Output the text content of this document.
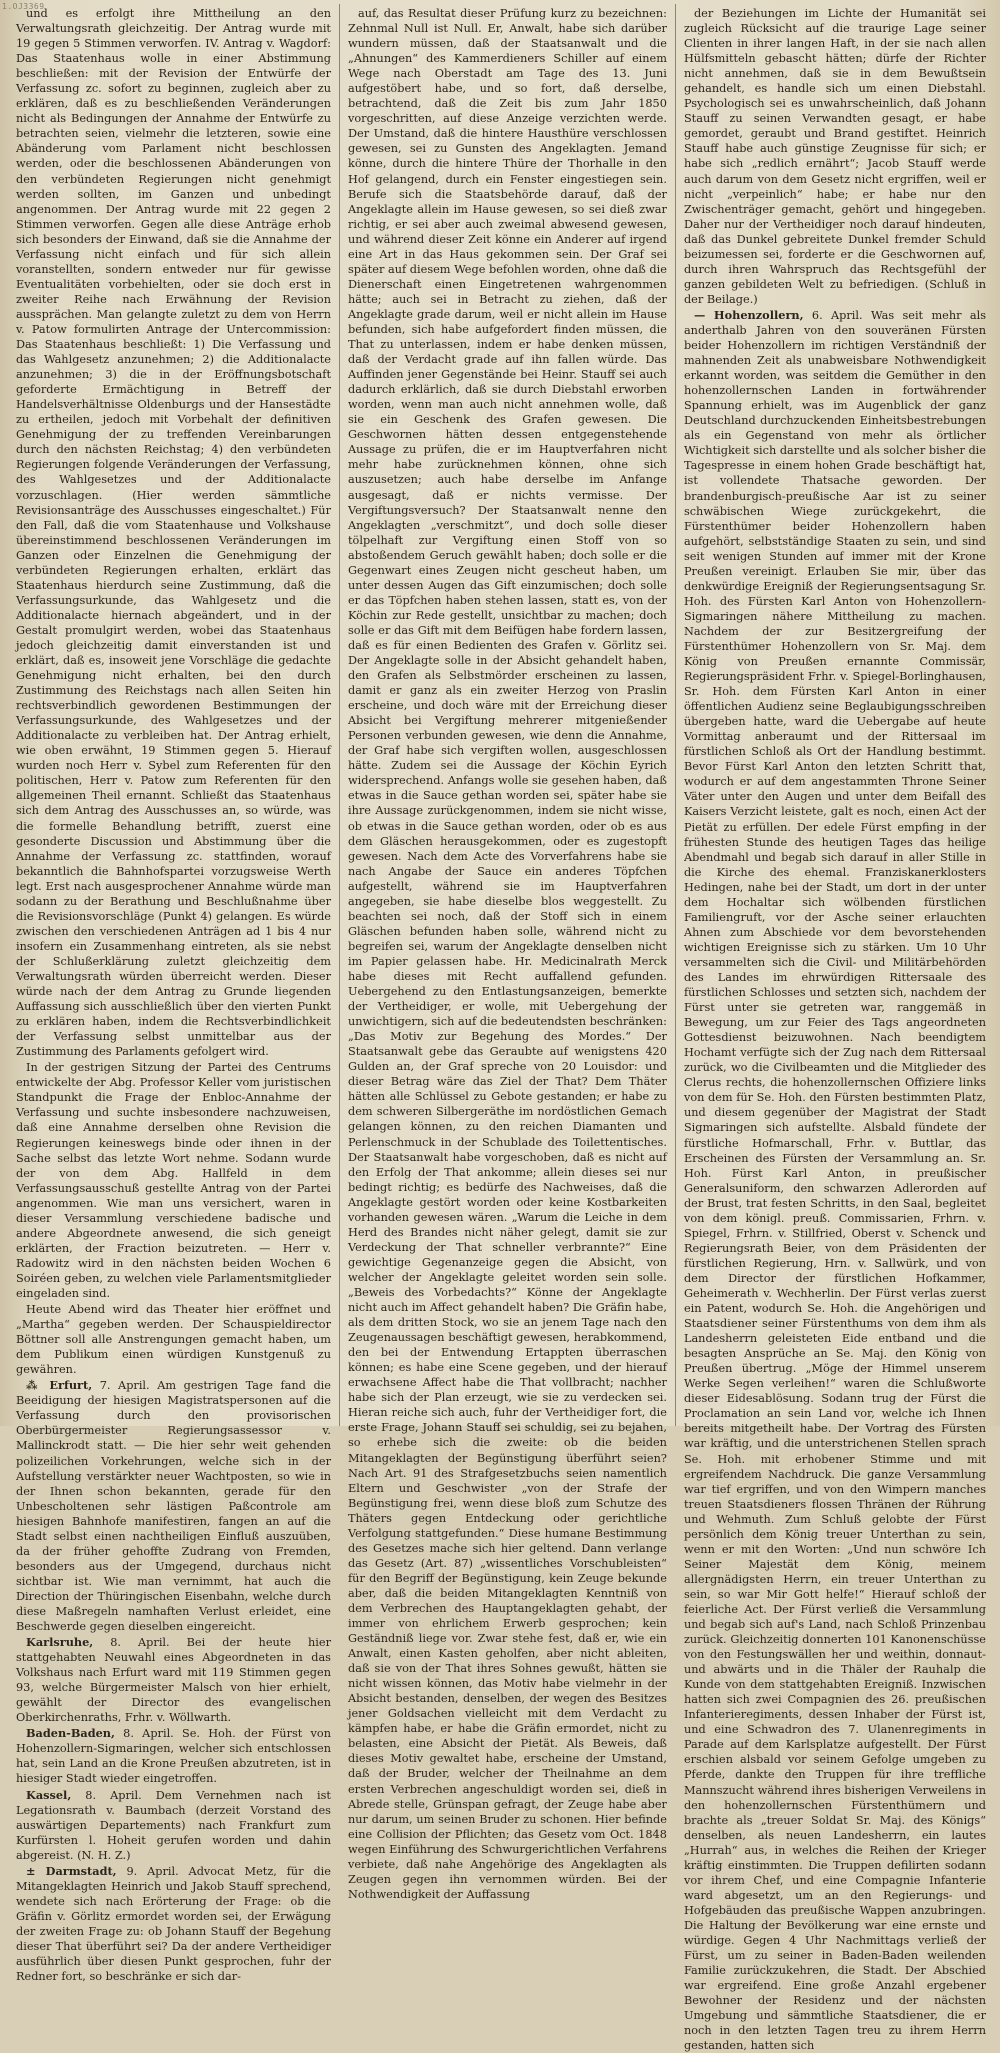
1.OJ3369

und es erfolgt ihre Mittheilung an den Verwaltungsrath gleichzeitig. Der Antrag wurde mit 19 gegen 5 Stimmen verworfen. IV. Antrag v. Wagdorf: Das Staatenhaus wolle in einer Abstimmung beschließen: mit der Revision der Entwürfe der Verfassung zc. sofort zu beginnen, zugleich aber zu erklären, daß es zu beschließenden Veränderungen nicht als Bedingungen der Annahme der Entwürfe zu betrachten seien, vielmehr die letzteren, sowie eine Abänderung vom Parlament nicht beschlossen werden, oder die beschlossenen Abänderungen von den verbündeten Regierungen nicht genehmigt werden sollten, im Ganzen und unbedingt angenommen. Der Antrag wurde mit 22 gegen 2 Stimmen verworfen. Gegen alle diese Anträge erhob sich besonders der Einwand, daß sie die Annahme der Verfassung nicht einfach und für sich allein voranstellten, sondern entweder nur für gewisse Eventualitäten vorbehielten, oder sie doch erst in zweiter Reihe nach Erwähnung der Revision aussprächen. Man gelangte zuletzt zu dem von Herrn v. Patow formulirten Antrage der Untercommission: Das Staatenhaus beschließt: 1) Die Verfassung und das Wahlgesetz anzunehmen; 2) die Additionalacte anzunehmen; 3) die in der Eröffnungsbotschaft geforderte Ermächtigung in Betreff der Handelsverhältnisse Oldenburgs und der Hansestädte zu ertheilen, jedoch mit Vorbehalt der definitiven Genehmigung der zu treffenden Vereinbarungen durch den nächsten Reichstag; 4) den verbündeten Regierungen folgende Veränderungen der Verfassung, des Wahlgesetzes und der Additionalacte vorzuschlagen. (Hier werden sämmtliche Revisionsanträge des Ausschusses eingeschaltet.) Für den Fall, daß die vom Staatenhause und Volkshause übereinstimmend beschlossenen Veränderungen im Ganzen oder Einzelnen die Genehmigung der verbündeten Regierungen erhalten, erklärt das Staatenhaus hierdurch seine Zustimmung, daß die Verfassungsurkunde, das Wahlgesetz und die Additionalacte hiernach abgeändert, und in der Gestalt promulgirt werden, wobei das Staatenhaus jedoch gleichzeitig damit einverstanden ist und erklärt, daß es, insoweit jene Vorschläge die gedachte Genehmigung nicht erhalten, bei den durch Zustimmung des Reichstags nach allen Seiten hin rechtsverbindlich gewordenen Bestimmungen der Verfassungsurkunde, des Wahlgesetzes und der Additionalacte zu verbleiben hat. Der Antrag erhielt, wie oben erwähnt, 19 Stimmen gegen 5. Hierauf wurden noch Herr v. Sybel zum Referenten für den politischen, Herr v. Patow zum Referenten für den allgemeinen Theil ernannt. Schließt das Staatenhaus sich dem Antrag des Ausschusses an, so würde, was die formelle Behandlung betrifft, zuerst eine gesonderte Discussion und Abstimmung über die Annahme der Verfassung zc. stattfinden, worauf bekanntlich die Bahnhofspartei vorzugsweise Werth legt. Erst nach ausgesprochener Annahme würde man sodann zu der Berathung und Beschlußnahme über die Revisionsvorschläge (Punkt 4) gelangen. Es würde zwischen den verschiedenen Anträgen ad 1 bis 4 nur insofern ein Zusammenhang eintreten, als sie nebst der Schlußerklärung zuletzt gleichzeitig dem Verwaltungsrath würden überreicht werden. Dieser würde nach der dem Antrag zu Grunde liegenden Auffassung sich ausschließlich über den vierten Punkt zu erklären haben, indem die Rechtsverbindlichkeit der Verfassung selbst unmittelbar aus der Zustimmung des Parlaments gefolgert wird.

In der gestrigen Sitzung der Partei des Centrums entwickelte der Abg. Professor Keller vom juristischen Standpunkt die Frage der Enbloc-Annahme der Verfassung und suchte insbesondere nachzuweisen, daß eine Annahme derselben ohne Revision die Regierungen keineswegs binde oder ihnen in der Sache selbst das letzte Wort nehme. Sodann wurde der von dem Abg. Hallfeld in dem Verfassungsausschuß gestellte Antrag von der Partei angenommen. Wie man uns versichert, waren in dieser Versammlung verschiedene badische und andere Abgeordnete anwesend, die sich geneigt erklärten, der Fraction beizutreten. — Herr v. Radowitz wird in den nächsten beiden Wochen 6 Soiréen geben, zu welchen viele Parlamentsmitglieder eingeladen sind.

Heute Abend wird das Theater hier eröffnet und „Martha“ gegeben werden. Der Schauspieldirector Böttner soll alle Anstrengungen gemacht haben, um dem Publikum einen würdigen Kunstgenuß zu gewähren.

⁂ Erfurt, 7. April. Am gestrigen Tage fand die Beeidigung der hiesigen Magistratspersonen auf die Verfassung durch den provisorischen Oberbürgermeister Regierungsassessor v. Mallinckrodt statt. — Die hier sehr weit gehenden polizeilichen Vorkehrungen, welche sich in der Aufstellung verstärkter neuer Wachtposten, so wie in der Ihnen schon bekannten, gerade für den Unbescholtenen sehr lästigen Paßcontrole am hiesigen Bahnhofe manifestiren, fangen an auf die Stadt selbst einen nachtheiligen Einfluß auszuüben, da der früher gehoffte Zudrang von Fremden, besonders aus der Umgegend, durchaus nicht sichtbar ist. Wie man vernimmt, hat auch die Direction der Thüringischen Eisenbahn, welche durch diese Maßregeln namhaften Verlust erleidet, eine Beschwerde gegen dieselben eingereicht.

Karlsruhe, 8. April. Bei der heute hier stattgehabten Neuwahl eines Abgeordneten in das Volkshaus nach Erfurt ward mit 119 Stimmen gegen 93, welche Bürgermeister Malsch von hier erhielt, gewählt der Director des evangelischen Oberkirchenraths, Frhr. v. Wöllwarth.

Baden-Baden, 8. April. Se. Hoh. der Fürst von Hohenzollern-Sigmaringen, welcher sich entschlossen hat, sein Land an die Krone Preußen abzutreten, ist in hiesiger Stadt wieder eingetroffen.

Kassel, 8. April. Dem Vernehmen nach ist Legationsrath v. Baumbach (derzeit Vorstand des auswärtigen Departements) nach Frankfurt zum Kurfürsten l. Hoheit gerufen worden und dahin abgereist. (N. H. Z.)

± Darmstadt, 9. April. Advocat Metz, für die Mitangeklagten Heinrich und Jakob Stauff sprechend, wendete sich nach Erörterung der Frage: ob die Gräfin v. Görlitz ermordet worden sei, der Erwägung der zweiten Frage zu: ob Johann Stauff der Begehung dieser That überführt sei? Da der andere Vertheidiger ausführlich über diesen Punkt gesprochen, fuhr der Redner fort, so beschränke er sich dar-

auf, das Resultat dieser Prüfung kurz zu bezeichnen: Zehnmal Null ist Null. Er, Anwalt, habe sich darüber wundern müssen, daß der Staatsanwalt und die „Ahnungen“ des Kammerdieners Schiller auf einem Wege nach Oberstadt am Tage des 13. Juni aufgestöbert habe, und so fort, daß derselbe, betrachtend, daß die Zeit bis zum Jahr 1850 vorgeschritten, auf diese Anzeige verzichten werde. Der Umstand, daß die hintere Hausthüre verschlossen gewesen, sei zu Gunsten des Angeklagten. Jemand könne, durch die hintere Thüre der Thorhalle in den Hof gelangend, durch ein Fenster eingestiegen sein. Berufe sich die Staatsbehörde darauf, daß der Angeklagte allein im Hause gewesen, so sei dieß zwar richtig, er sei aber auch zweimal abwesend gewesen, und während dieser Zeit könne ein Anderer auf irgend eine Art in das Haus gekommen sein. Der Graf sei später auf diesem Wege befohlen worden, ohne daß die Dienerschaft einen Eingetretenen wahrgenommen hätte; auch sei in Betracht zu ziehen, daß der Angeklagte grade darum, weil er nicht allein im Hause befunden, sich habe aufgefordert finden müssen, die That zu unterlassen, indem er habe denken müssen, daß der Verdacht grade auf ihn fallen würde. Das Auffinden jener Gegenstände bei Heinr. Stauff sei auch dadurch erklärlich, daß sie durch Diebstahl erworben worden, wenn man auch nicht annehmen wolle, daß sie ein Geschenk des Grafen gewesen. Die Geschwornen hätten dessen entgegenstehende Aussage zu prüfen, die er im Hauptverfahren nicht mehr habe zurücknehmen können, ohne sich auszusetzen; auch habe derselbe im Anfange ausgesagt, daß er nichts vermisse. Der Vergiftungsversuch? Der Staatsanwalt nenne den Angeklagten „verschmitzt“, und doch solle dieser tölpelhaft zur Vergiftung einen Stoff von so abstoßendem Geruch gewählt haben; doch solle er die Gegenwart eines Zeugen nicht gescheut haben, um unter dessen Augen das Gift einzumischen; doch solle er das Töpfchen haben stehen lassen, statt es, von der Köchin zur Rede gestellt, unsichtbar zu machen; doch solle er das Gift mit dem Beifügen habe fordern lassen, daß es für einen Bedienten des Grafen v. Görlitz sei. Der Angeklagte solle in der Absicht gehandelt haben, den Grafen als Selbstmörder erscheinen zu lassen, damit er ganz als ein zweiter Herzog von Praslin erscheine, und doch wäre mit der Erreichung dieser Absicht bei Vergiftung mehrerer mitgenießender Personen verbunden gewesen, wie denn die Annahme, der Graf habe sich vergiften wollen, ausgeschlossen hätte. Zudem sei die Aussage der Köchin Eyrich widersprechend. Anfangs wolle sie gesehen haben, daß etwas in die Sauce gethan worden sei, später habe sie ihre Aussage zurückgenommen, indem sie nicht wisse, ob etwas in die Sauce gethan worden, oder ob es aus dem Gläschen herausgekommen, oder es zugestopft gewesen. Nach dem Acte des Vorverfahrens habe sie nach Angabe der Sauce ein anderes Töpfchen aufgestellt, während sie im Hauptverfahren angegeben, sie habe dieselbe blos weggestellt. Zu beachten sei noch, daß der Stoff sich in einem Gläschen befunden haben solle, während nicht zu begreifen sei, warum der Angeklagte denselben nicht im Papier gelassen habe. Hr. Medicinalrath Merck habe dieses mit Recht auffallend gefunden. Uebergehend zu den Entlastungsanzeigen, bemerkte der Vertheidiger, er wolle, mit Uebergehung der unwichtigern, sich auf die bedeutendsten beschränken: „Das Motiv zur Begehung des Mordes.“ Der Staatsanwalt gebe das Geraubte auf wenigstens 420 Gulden an, der Graf spreche von 20 Louisdor: und dieser Betrag wäre das Ziel der That? Dem Thäter hätten alle Schlüssel zu Gebote gestanden; er habe zu dem schweren Silbergeräthe im nordöstlichen Gemach gelangen können, zu den reichen Diamanten und Perlenschmuck in der Schublade des Toilettentisches. Der Staatsanwalt habe vorgeschoben, daß es nicht auf den Erfolg der That ankomme; allein dieses sei nur bedingt richtig; es bedürfe des Nachweises, daß die Angeklagte gestört worden oder keine Kostbarkeiten vorhanden gewesen wären. „Warum die Leiche in dem Herd des Brandes nicht näher gelegt, damit sie zur Verdeckung der That schneller verbrannte?“ Eine gewichtige Gegenanzeige gegen die Absicht, von welcher der Angeklagte geleitet worden sein solle. „Beweis des Vorbedachts?“ Könne der Angeklagte nicht auch im Affect gehandelt haben? Die Gräfin habe, als dem dritten Stock, wo sie an jenem Tage nach den Zeugenaussagen beschäftigt gewesen, herabkommend, den bei der Entwendung Ertappten überraschen können; es habe eine Scene gegeben, und der hierauf erwachsene Affect habe die That vollbracht; nachher habe sich der Plan erzeugt, wie sie zu verdecken sei. Hieran reiche sich auch, fuhr der Vertheidiger fort, die erste Frage, Johann Stauff sei schuldig, sei zu bejahen, so erhebe sich die zweite: ob die beiden Mitangeklagten der Begünstigung überführt seien? Nach Art. 91 des Strafgesetzbuchs seien namentlich Eltern und Geschwister „von der Strafe der Begünstigung frei, wenn diese bloß zum Schutze des Thäters gegen Entdeckung oder gerichtliche Verfolgung stattgefunden.“ Diese humane Bestimmung des Gesetzes mache sich hier geltend. Dann verlange das Gesetz (Art. 87) „wissentliches Vorschubleisten“ für den Begriff der Begünstigung, kein Zeuge bekunde aber, daß die beiden Mitangeklagten Kenntniß von dem Verbrechen des Hauptangeklagten gehabt, der immer von ehrlichem Erwerb gesprochen; kein Geständniß liege vor. Zwar stehe fest, daß er, wie ein Anwalt, einen Kasten geholfen, aber nicht ableiten, daß sie von der That ihres Sohnes gewußt, hätten sie nicht wissen können, das Motiv habe vielmehr in der Absicht bestanden, denselben, der wegen des Besitzes jener Goldsachen vielleicht mit dem Verdacht zu kämpfen habe, er habe die Gräfin ermordet, nicht zu belasten, eine Absicht der Pietät. Als Beweis, daß dieses Motiv gewaltet habe, erscheine der Umstand, daß der Bruder, welcher der Theilnahme an dem ersten Verbrechen angeschuldigt worden sei, dieß in Abrede stelle, Grünspan gefragt, der Zeuge habe aber nur darum, um seinen Bruder zu schonen. Hier befinde eine Collision der Pflichten; das Gesetz vom Oct. 1848 wegen Einführung des Schwurgerichtlichen Verfahrens verbiete, daß nahe Angehörige des Angeklagten als Zeugen gegen ihn vernommen würden. Bei der Nothwendigkeit der Auffassung

der Beziehungen im Lichte der Humanität sei zugleich Rücksicht auf die traurige Lage seiner Clienten in ihrer langen Haft, in der sie nach allen Hülfsmitteln gebascht hätten; dürfe der Richter nicht annehmen, daß sie in dem Bewußtsein gehandelt, es handle sich um einen Diebstahl. Psychologisch sei es unwahrscheinlich, daß Johann Stauff zu seinen Verwandten gesagt, er habe gemordet, geraubt und Brand gestiftet. Heinrich Stauff habe auch günstige Zeugnisse für sich; er habe sich „redlich ernährt“; Jacob Stauff werde auch darum von dem Gesetz nicht ergriffen, weil er nicht „verpeinlich“ habe; er habe nur den Zwischenträger gemacht, gehört und hingegeben. Daher nur der Vertheidiger noch darauf hindeuten, daß das Dunkel gebreitete Dunkel fremder Schuld beizumessen sei, forderte er die Geschwornen auf, durch ihren Wahrspruch das Rechtsgefühl der ganzen gebildeten Welt zu befriedigen. (Schluß in der Beilage.)

— Hohenzollern, 6. April. Was seit mehr als anderthalb Jahren von den souveränen Fürsten beider Hohenzollern im richtigen Verständniß der mahnenden Zeit als unabweisbare Nothwendigkeit erkannt worden, was seitdem die Gemüther in den hohenzollernschen Landen in fortwährender Spannung erhielt, was im Augenblick der ganz Deutschland durchzuckenden Einheitsbestrebungen als ein Gegenstand von mehr als örtlicher Wichtigkeit sich darstellte und als solcher bisher die Tagespresse in einem hohen Grade beschäftigt hat, ist vollendete Thatsache geworden. Der brandenburgisch-preußische Aar ist zu seiner schwäbischen Wiege zurückgekehrt, die Fürstenthümer beider Hohenzollern haben aufgehört, selbstständige Staaten zu sein, und sind seit wenigen Stunden auf immer mit der Krone Preußen vereinigt. Erlauben Sie mir, über das denkwürdige Ereigniß der Regierungsentsagung Sr. Hoh. des Fürsten Karl Anton von Hohenzollern-Sigmaringen nähere Mittheilung zu machen. Nachdem der zur Besitzergreifung der Fürstenthümer Hohenzollern von Sr. Maj. dem König von Preußen ernannte Commissär, Regierungspräsident Frhr. v. Spiegel-Borlinghausen, Sr. Hoh. dem Fürsten Karl Anton in einer öffentlichen Audienz seine Beglaubigungsschreiben übergeben hatte, ward die Uebergabe auf heute Vormittag anberaumt und der Rittersaal im fürstlichen Schloß als Ort der Handlung bestimmt. Bevor Fürst Karl Anton den letzten Schritt that, wodurch er auf dem angestammten Throne Seiner Väter unter den Augen und unter dem Beifall des Kaisers Verzicht leistete, galt es noch, einen Act der Pietät zu erfüllen. Der edele Fürst empfing in der frühesten Stunde des heutigen Tages das heilige Abendmahl und begab sich darauf in aller Stille in die Kirche des ehemal. Franziskanerklosters Hedingen, nahe bei der Stadt, um dort in der unter dem Hochaltar sich wölbenden fürstlichen Familiengruft, vor der Asche seiner erlauchten Ahnen zum Abschiede vor dem bevorstehenden wichtigen Ereignisse sich zu stärken. Um 10 Uhr versammelten sich die Civil- und Militärbehörden des Landes im ehrwürdigen Rittersaale des fürstlichen Schlosses und setzten sich, nachdem der Fürst unter sie getreten war, ranggemäß in Bewegung, um zur Feier des Tags angeordneten Gottesdienst beizuwohnen. Nach beendigtem Hochamt verfügte sich der Zug nach dem Rittersaal zurück, wo die Civilbeamten und die Mitglieder des Clerus rechts, die hohenzollernschen Offiziere links von dem für Se. Hoh. den Fürsten bestimmten Platz, und diesem gegenüber der Magistrat der Stadt Sigmaringen sich aufstellte. Alsbald fündete der fürstliche Hofmarschall, Frhr. v. Buttlar, das Erscheinen des Fürsten der Versammlung an. Sr. Hoh. Fürst Karl Anton, in preußischer Generalsuniform, den schwarzen Adlerorden auf der Brust, trat festen Schritts, in den Saal, begleitet von dem königl. preuß. Commissarien, Frhrn. v. Spiegel, Frhrn. v. Stillfried, Oberst v. Schenck und Regierungsrath Beier, von dem Präsidenten der fürstlichen Regierung, Hrn. v. Sallwürk, und von dem Director der fürstlichen Hofkammer, Geheimerath v. Wechherlin. Der Fürst verlas zuerst ein Patent, wodurch Se. Hoh. die Angehörigen und Staatsdiener seiner Fürstenthums von dem ihm als Landesherrn geleisteten Eide entband und die besagten Ansprüche an Se. Maj. den König von Preußen übertrug. „Möge der Himmel unserem Werke Segen verleihen!“ waren die Schlußworte dieser Eidesablösung. Sodann trug der Fürst die Proclamation an sein Land vor, welche ich Ihnen bereits mitgetheilt habe. Der Vortrag des Fürsten war kräftig, und die unterstrichenen Stellen sprach Se. Hoh. mit erhobener Stimme und mit ergreifendem Nachdruck. Die ganze Versammlung war tief ergriffen, und von den Wimpern manches treuen Staatsdieners flossen Thränen der Rührung und Wehmuth. Zum Schluß gelobte der Fürst persönlich dem König treuer Unterthan zu sein, wenn er mit den Worten: „Und nun schwöre Ich Seiner Majestät dem König, meinem allergnädigsten Herrn, ein treuer Unterthan zu sein, so war Mir Gott helfe!“ Hierauf schloß der feierliche Act. Der Fürst verließ die Versammlung und begab sich auf's Land, nach Schloß Prinzenbau zurück. Gleichzeitig donnerten 101 Kanonenschüsse von den Festungswällen her und weithin, donnaut- und abwärts und in die Thäler der Rauhalp die Kunde von dem stattgehabten Ereigniß. Inzwischen hatten sich zwei Compagnien des 26. preußischen Infanterieregiments, dessen Inhaber der Fürst ist, und eine Schwadron des 7. Ulanenregiments in Parade auf dem Karlsplatze aufgestellt. Der Fürst erschien alsbald vor seinem Gefolge umgeben zu Pferde, dankte den Truppen für ihre treffliche Mannszucht während ihres bisherigen Verweilens in den hohenzollernschen Fürstenthümern und brachte als „treuer Soldat Sr. Maj. des Königs“ denselben, als neuen Landesherrn, ein lautes „Hurrah“ aus, in welches die Reihen der Krieger kräftig einstimmten. Die Truppen defilirten sodann vor ihrem Chef, und eine Compagnie Infanterie ward abgesetzt, um an den Regierungs- und Hofgebäuden das preußische Wappen anzubringen. Die Haltung der Bevölkerung war eine ernste und würdige. Gegen 4 Uhr Nachmittags verließ der Fürst, um zu seiner in Baden-Baden weilenden Familie zurückzukehren, die Stadt. Der Abschied war ergreifend. Eine große Anzahl ergebener Bewohner der Residenz und der nächsten Umgebung und sämmtliche Staatsdiener, die er noch in den letzten Tagen treu zu ihrem Herrn gestanden, hatten sich
